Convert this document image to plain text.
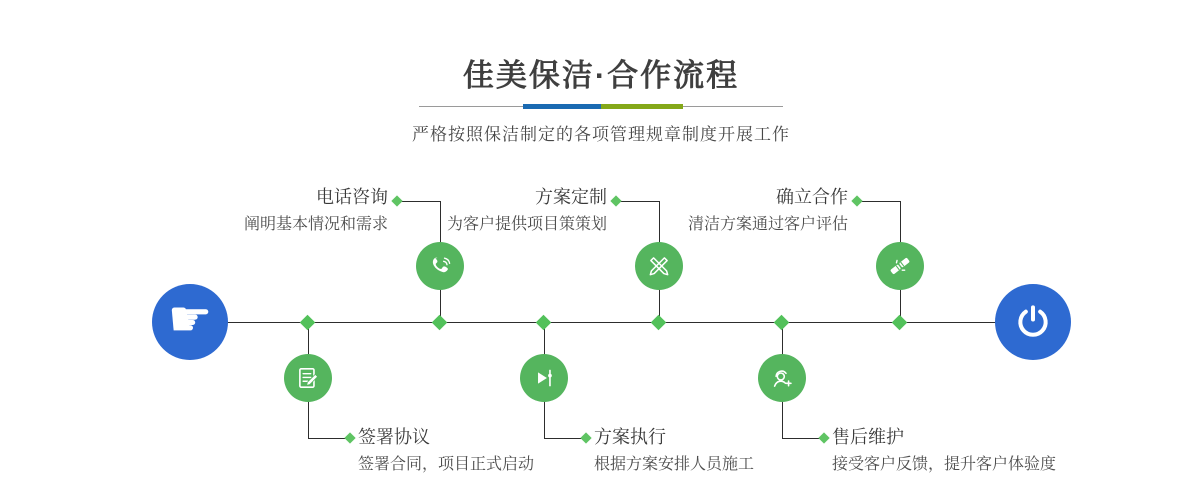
佳美保洁·合作流程

严格按照保洁制定的各项管理规章制度开展工作

☛
电话咨询
阐明基本情况和需求
签署协议
签署合同，项目正式启动
方案定制
为客户提供项目策策划
方案执行
根据方案安排人员施工
确立合作
清洁方案通过客户评估
售后维护
接受客户反馈，提升客户体验度
